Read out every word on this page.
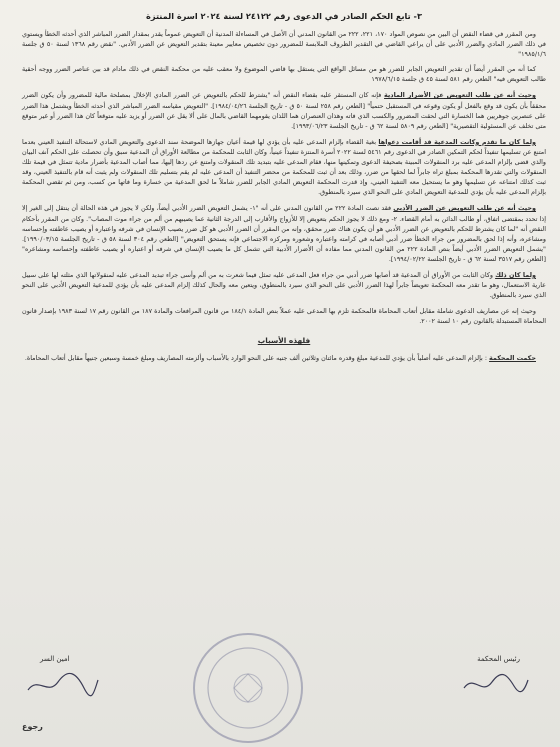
٣- تابع الحكم الصادر في الدعوى رقم ٢٤١٢٢ لسنة ٢٠٢٤ اسرة المنتزة

ومن المقرر في قضاء النقض أن البين من نصوص المواد ١٧٠، ٢٢١، ٢٢٢ من القانون المدني أن الأصل في المساءلة المدنية أن التعويض عموماً يقدر بمقدار الضرر المباشر الذي أحدثه الخطأ ويستوي في ذلك الضرر المادي والضرر الأدبي على أن يراعي القاضي في التقدير الظروف الملابسة للمضرور دون تخصيص معايير معينة بتقدير التعويض عن الضرر الأدبي. "نقض رقم ١٣٦٨ لسنة ٥٠ ق جلسة ١٩٨٥/١/٦"

كما أنه من المقرر أيضاً أن تقدير التعويض الجابر للضرر هو من مسائل الواقع التي يستقل بها قاضي الموضوع ولا معقب عليه من محكمة النقض في ذلك مادام قد بين عناصر الضرر ووجه أحقية طالب التعويض فيه" الطعن رقم ٥٨١ لسنة ٤٥ ق جلسة ١٩٧٨/٦/١٥

وحيث أنه عن طلب التعويض عن الأضرار المادية فإنه كان المستقر عليه بقضاء النقض أنه "يشترط للحكم بالتعويض عن الضرر المادي الإخلال بمصلحة مالية للمضرور وأن يكون الضرر محققاً بأن يكون قد وقع بالفعل أو يكون وقوعه في المستقبل حتمياً" [الطعن رقم ٢٥٨ لسنة ٥٠ ق - تاريخ الجلسة ١٩٨٤/٠٤/٢٦]. "التعويض مقياسه الضرر المباشر الذي أحدثه الخطأ ويشتمل هذا الضرر على عنصرين جوهريين هما الخسارة التي لحقت المضرور والكسب الذي فاته وهذان العنصران هما اللذان يقومهما القاضي بالمال على ألا يقل عن الضرر أو يزيد عليه متوقعاً كان هذا الضرر أو غير متوقع متى تخلف عن المسئولية التقصيرية" [الطعن رقم ٥٨٠٩ لسنة ٦٢ ق - تاريخ الجلسة ١٩٩٣/٠٦/٢٣].

ولما كان ما تقدم وكانت المدعية قد أقامت دعواها بغية القضاء بإلزام المدعى عليه بأن يؤدي لها قيمة أعيان جهازها الموضحة سند الدعوى والتعويض المادي لاستحالة التنفيذ العيني بعدما امتنع عن تسليمها تنفيذاً لحكم التمكين الصادر في الدعوى رقم ٥٤٦١ لسنة ٢٠٢٢ أسرة المنتزة تنفيذاً عينياً، وكان الثابت للمحكمة من مطالعة الأوراق أن المدعية سبق وأن تحصلت على الحكم آنف البيان والذي قضى بإلزام المدعى عليه برد المنقولات المبينة بصحيفة الدعوى وتمكينها منها، فقام المدعى عليه بتبديد تلك المنقولات وامتنع عن ردها إليها، مما أصاب المدعية بأضرار مادية تتمثل في قيمة تلك المنقولات والتي تقدرها المحكمة بمبلغ تراه جابراً لما لحقها من ضرر، وذلك بعد أن ثبت للمحكمة من محضر التنفيذ أن المدعى عليه لم يقم بتسليم تلك المنقولات ولم يثبت أنه قام بالتنفيذ العيني، وقد ثبت كذلك امتناعه عن تسليمها وهو ما يستحيل معه التنفيذ العيني، وإذ قدرت المحكمة التعويض المادي الجابر للضرر شاملاً ما لحق المدعية من خسارة وما فاتها من كسب، ومن ثم تقضي المحكمة بإلزام المدعى عليه بأن يؤدي للمدعية التعويض المادي على النحو الذي سيرد بالمنطوق.

وحيث أنه عن طلب التعويض عن الضرر الأدبي فقد نصت المادة ٢٢٢ من القانون المدني على أنه "١- يشمل التعويض الضرر الأدبي أيضاً، ولكن لا يجوز في هذه الحالة أن ينتقل إلى الغير إلا إذا تحدد بمقتضى اتفاق، أو طالب الدائن به أمام القضاء. ٢- ومع ذلك لا يجوز الحكم بتعويض إلا للأزواج والأقارب إلى الدرجة الثانية عما يصيبهم من ألم من جراء موت المصاب". وكان من المقرر بأحكام النقض أنه "لما كان يشترط للحكم بالتعويض عن الضرر الأدبي هو أن يكون هناك ضرر محقق، وإنه من المقرر أن الضرر الأدبي هو كل ضرر يصيب الإنسان في شرفه واعتباره أو يصيب عاطفته وإحساسه ومشاعره، وأنه إذا لحق بالمضرور من جراء الخطأ ضرر أدبي أصابه في كرامته واعتباره وشعوره ومركزه الاجتماعي فإنه يستحق التعويض" [الطعن رقم ٣٠٤ لسنة ٥٨ ق - تاريخ الجلسة ١٩٩٠/٠٣/١٥]. "يشمل التعويض الضرر الأدبي أيضاً بنص المادة ٢٢٢ من القانون المدني مما مفاده أن الأضرار الأدبية التي تشمل كل ما يصيب الإنسان في شرفه أو اعتباره أو يصيب عاطفته وإحساسه ومشاعره" [الطعن رقم ٣٥١٧ لسنة ٦٢ ق - تاريخ الجلسة ١٩٩٤/٠٢/٢٢].

ولما كان ذلك وكان الثابت من الأوراق أن المدعية قد أصابها ضرر أدبي من جراء فعل المدعى عليه تمثل فيما شعرت به من ألم وأسى جراء تبديد المدعى عليه لمنقولاتها الذي مثلته لها على سبيل عارية الاستعمال، وهو ما تقدر معه المحكمة تعويضاً جابراً لهذا الضرر الأدبي على النحو الذي سيرد بالمنطوق، ويتعين معه والحال كذلك إلزام المدعى عليه بأن يؤدي للمدعية التعويض الأدبي على النحو الذي سيرد بالمنطوق.

وحيث إنه عن مصاريف الدعوى شاملة مقابل أتعاب المحاماة فالمحكمة تلزم بها المدعى عليه عملاً بنص المادة ١٨٤/١ من قانون المرافعات والمادة ١٨٧ من القانون رقم ١٧ لسنة ١٩٨٣ بإصدار قانون المحاماة المستبدلة بالقانون رقم ١٠ لسنة ٢٠٠٢.

فلهذه الأسباب

حكمت المحكمة : بإلزام المدعى عليه أصلياً بأن يؤدي للمدعية مبلغ وقدره مائتان وثلاثين ألف جنيه على النحو الوارد بالأسباب وألزمته المصاريف ومبلغ خمسة وسبعين جنيهاً مقابل أتعاب المحاماة.

رئيس المحكمة
امين السر
رجوع
